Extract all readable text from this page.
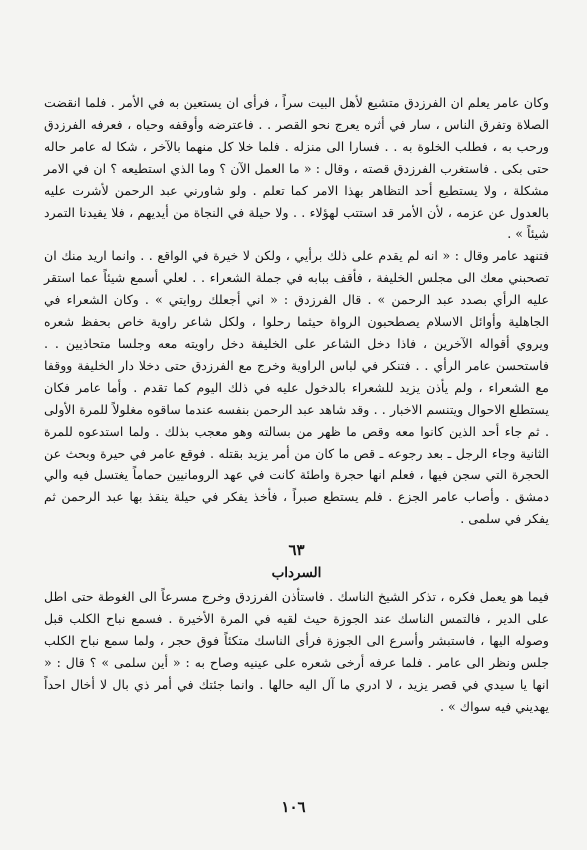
وكان عامر يعلم ان الفرزدق متشيع لأهل البيت سراً ، فرأى ان يستعين به في الأمر . فلما انقضت الصلاة وتفرق الناس ، سار في أثره يعرج نحو القصر . . فاعترضه وأوقفه وحياه ، فعرفه الفرزدق ورحب به ، فطلب الخلوة به . . فسارا الى منزله . فلما خلا كل منهما بالآخر ، شكا له عامر حاله حتى بكى . فاستغرب الفرزدق قصته ، وقال : « ما العمل الآن ؟ وما الذي استطيعه ؟ ان في الامر مشكلة ، ولا يستطيع أحد التظاهر بهذا الامر كما تعلم . ولو شاورني عبد الرحمن لأشرت عليه بالعدول عن عزمه ، لأن الأمر قد استتب لهؤلاء . . ولا حيلة في النجاة من أيديهم ، فلا يفيدنا التمرد شيئاً » .

فتنهد عامر وقال : « انه لم يقدم على ذلك برأيي ، ولكن لا خيرة في الواقع . . وانما اريد منك ان تصحبني معك الى مجلس الخليفة ، فأقف ببابه في جملة الشعراء . . لعلي أسمع شيئاً عما استقر عليه الرأي بصدد عبد الرحمن » . قال الفرزدق : « اني أجعلك روايتي » . وكان الشعراء في الجاهلية وأوائل الاسلام يصطحبون الرواة حيثما رحلوا ، ولكل شاعر راوية خاص بحفظ شعره ويروي أقواله الآخرين ، فاذا دخل الشاعر على الخليفة دخل راويته معه وجلسا متحاذيين . . فاستحسن عامر الرأي . . فتنكر في لباس الراوية وخرج مع الفرزدق حتى دخلا دار الخليفة ووقفا مع الشعراء ، ولم يأذن يزيد للشعراء بالدخول عليه في ذلك اليوم كما تقدم . وأما عامر فكان يستطلع الاحوال ويتنسم الاخبار . . وقد شاهد عبد الرحمن بنفسه عندما ساقوه مغلولاً للمرة الأولى . ثم جاء أحد الذين كانوا معه وقص ما ظهر من بسالته وهو معجب بذلك . ولما استدعوه للمرة الثانية وجاء الرجل ـ بعد رجوعه ـ قص ما كان من أمر يزيد بقتله . فوقع عامر في حيرة وبحث عن الحجرة التي سجن فيها ، فعلم انها حجرة واطئة كانت في عهد الرومانيين حماماً يغتسل فيه والي دمشق . وأصاب عامر الجزع . فلم يستطع صبراً ، فأخذ يفكر في حيلة ينقذ بها عبد الرحمن ثم يفكر في سلمى .

٦٣
السرداب

فيما هو يعمل فكره ، تذكر الشيخ الناسك . فاستأذن الفرزدق وخرج مسرعاً الى الغوطة حتى اطل على الدير ، فالتمس الناسك عند الجوزة حيث لقيه في المرة الأخيرة . فسمع نباح الكلب قبل وصوله اليها ، فاستبشر وأسرع الى الجوزة فرأى الناسك متكئاً فوق حجر ، ولما سمع نباح الكلب جلس ونظر الى عامر . فلما عرفه أرخى شعره على عينيه وصاح به : « أين سلمى » ؟ قال : « انها يا سيدي في قصر يزيد ، لا ادري ما آل اليه حالها . وانما جئتك في أمر ذي بال لا أخال احداً يهديني فيه سواك » .

١٠٦
